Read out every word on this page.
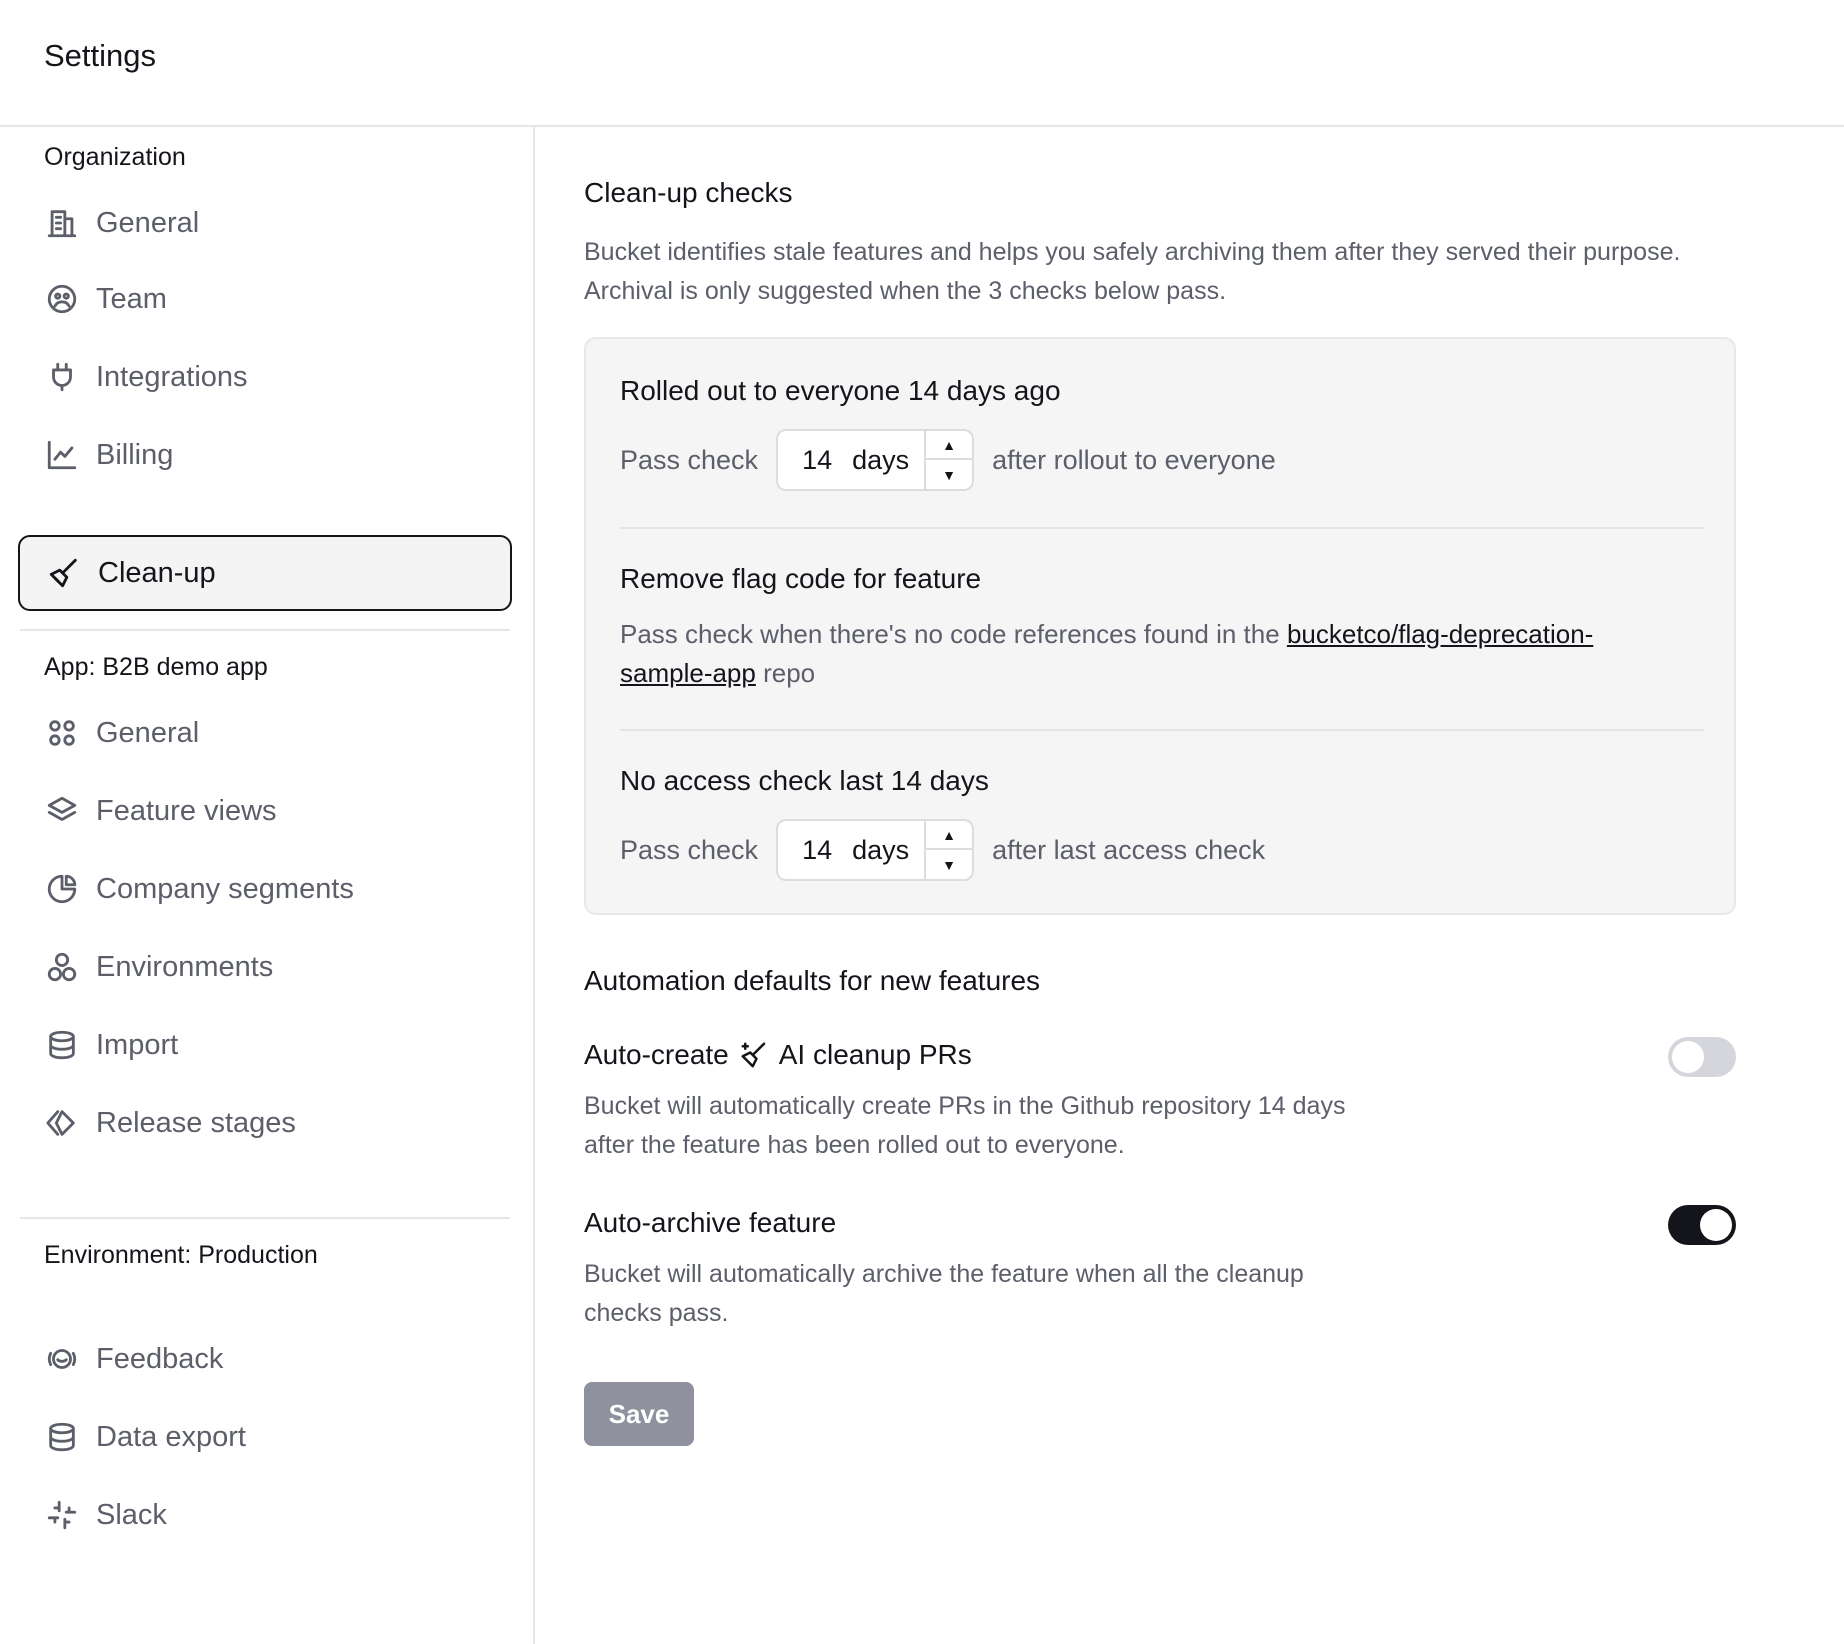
Settings
Organization
General
Team
Integrations
Billing
Clean-up
App: B2B demo app
General
Feature views
Company segments
Environments
Import
Release stages
Environment: Production
Feedback
Data export
Slack
Clean-up checks
Bucket identifies stale features and helps you safely archiving them after they served their purpose. Archival is only suggested when the 3 checks below pass.
Rolled out to everyone 14 days ago
Pass check 14 days	▲
▼	after rollout to everyone
Remove flag code for feature
Pass check when there's no code references found in the bucketco/flag-deprecation-sample-app repo
No access check last 14 days
Pass check 14 days	▲
▼	after last access check
Automation defaults for new features
Auto-create AI cleanup PRs
Bucket will automatically create PRs in the Github repository 14 days after the feature has been rolled out to everyone.
Auto-archive feature
Bucket will automatically archive the feature when all the cleanup checks pass.
Save
